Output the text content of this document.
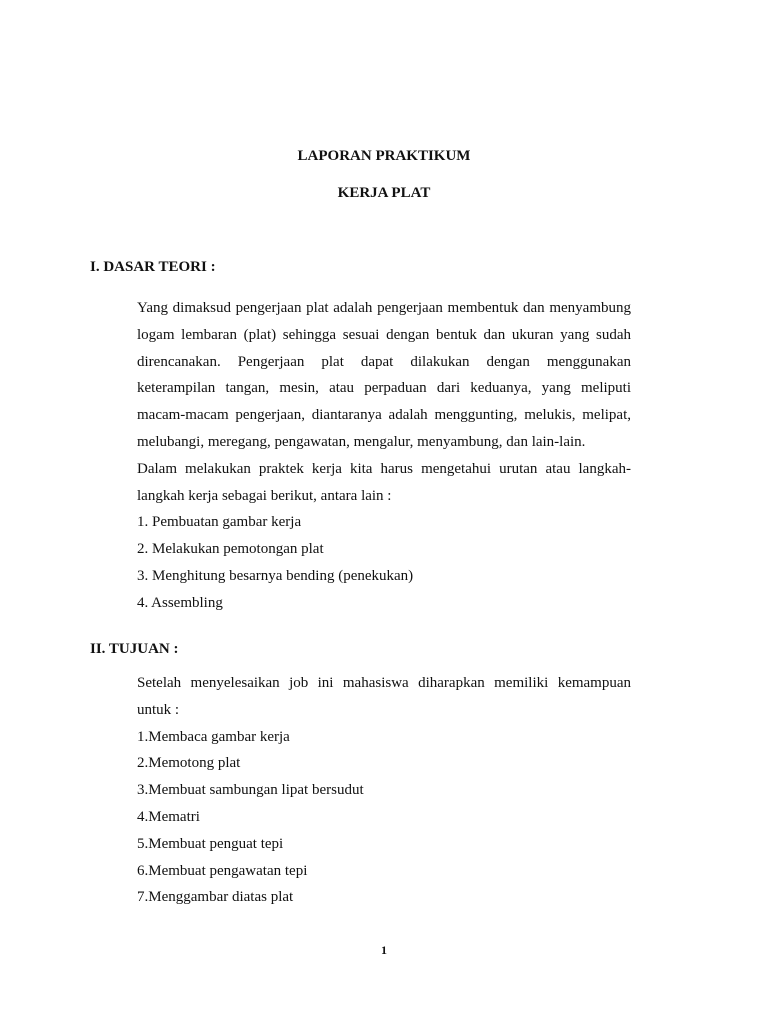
LAPORAN PRAKTIKUM
KERJA PLAT
I. DASAR TEORI :
Yang dimaksud pengerjaan plat adalah pengerjaan membentuk dan menyambung
logam lembaran (plat) sehingga sesuai dengan bentuk dan ukuran yang sudah
direncanakan. Pengerjaan plat dapat dilakukan dengan menggunakan
keterampilan tangan, mesin, atau perpaduan dari keduanya, yang meliputi
macam-macam pengerjaan, diantaranya adalah menggunting, melukis, melipat,
melubangi, meregang, pengawatan, mengalur, menyambung, dan lain-lain.
Dalam melakukan praktek kerja kita harus mengetahui urutan atau langkah-
langkah kerja sebagai berikut, antara lain :
1. Pembuatan gambar kerja
2. Melakukan pemotongan plat
3. Menghitung besarnya bending (penekukan)
4. Assembling
II. TUJUAN :
Setelah menyelesaikan job ini mahasiswa diharapkan memiliki kemampuan
untuk :
1.Membaca gambar kerja
2.Memotong plat
3.Membuat sambungan lipat bersudut
4.Mematri
5.Membuat penguat tepi
6.Membuat pengawatan tepi
7.Menggambar diatas plat
1
